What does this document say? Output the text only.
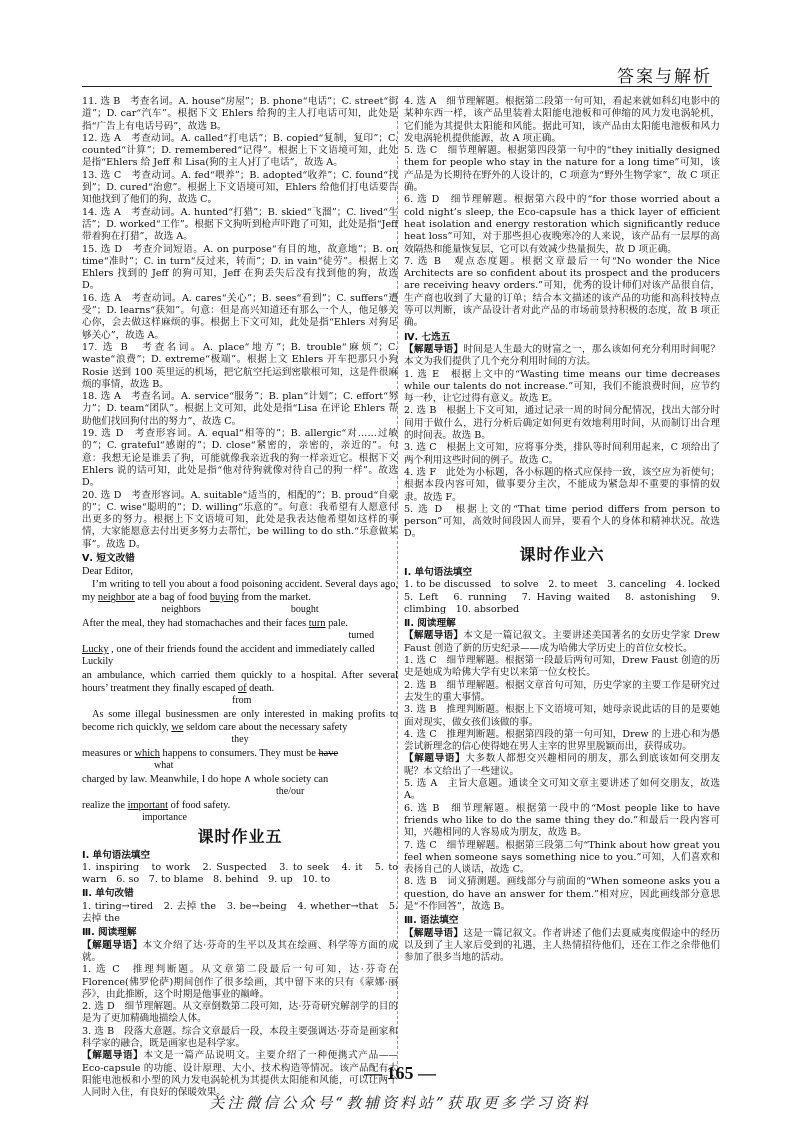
答案与解析

11. 选 B　考查名词。A. house“房屋”；B. phone“电话”；C. street“街道”；D. car“汽车”。根据下文 Ehlers 给狗的主人打电话可知，此处是指“广告上有电话号码”，故选 B。

12. 选 A　考查动词。A. called“打电话”；B. copied“复制，复印”；C. counted“计算”；D. remembered“记得”。根据上下文语境可知，此处是指“Ehlers 给 Jeff 和 Lisa(狗的主人)打了电话”，故选 A。

13. 选 C　考查动词。A. fed“喂养”；B. adopted“收养”；C. found“找到”；D. cured“治愈”。根据上下文语境可知，Ehlers 给他们打电话要告知他找到了他们的狗，故选 C。

14. 选 A　考查动词。A. hunted“打猎”；B. skied“飞溜”；C. lived“生活”；D. worked“工作”。根据下文狗听到枪声吓跑了可知，此处是指“Jeff 带着狗在打猎”，故选 A。

15. 选 D　考查介词短语。A. on purpose“有目的地，故意地”；B. on time“准时”；C. in turn“反过来，转而”；D. in vain“徒劳”。根据上文 Ehlers 找到的 Jeff 的狗可知，Jeff 在狗丢失后没有找到他的狗，故选 D。

16. 选 A　考查动词。A. cares“关心”；B. sees“看到”；C. suffers“遭受”；D. learns“获知”。句意：但是高兴知道还有那么一个人，他足够关心你，会去做这样麻烦的事。根据上下文可知，此处是指“Ehlers 对狗足够关心”，故选 A。

17. 选 B　考查名词。A. place“地方”；B. trouble“麻烦”；C. waste“浪费”；D. extreme“极端”。根据上文 Ehlers 开车把那只小狗 Rosie 送到 100 英里远的机场，把它航空托运到密歇根可知，这是件很麻烦的事情，故选 B。

18. 选 A　考查名词。A. service“服务”；B. plan“计划”；C. effort“努力”；D. team“团队”。根据上文可知，此处是指“Lisa 在评论 Ehlers 帮助他们找回狗付出的努力”，故选 C。

19. 选 D　考查形容词。A. equal“相等的”；B. allergic“对……过敏的”；C. grateful“感谢的”；D. close“紧密的，亲密的，亲近的”。句意：我想无论是谁丢了狗，可能就像我亲近我的狗一样亲近它。根据下文 Ehlers 说的话可知，此处是指“他对待狗就像对待自己的狗一样”。故选 D。

20. 选 D　考查形容词。A. suitable“适当的，相配的”；B. proud“自豪的”；C. wise“聪明的”；D. willing“乐意的”。句意：我希望有人愿意付出更多的努力。根据上下文语境可知，此处是我表达他希望如这样的事情，大家能愿意去付出更多努力去帮忙，be willing to do sth.“乐意做某事”。故选 D。

Ⅴ. 短文改错

Dear Editor,

I’m writing to tell you about a food poisoning accident. Several days ago, my neighbor ate a bag of food buying from the market.

neighbors	bought

After the meal, they had stomachaches and their faces turn pale.

turned

Lucky , one of their friends found the accident and immediately called

Luckily

an ambulance, which carried them quickly to a hospital. After several hours’ treatment they finally escaped of death.

from

As some illegal businessmen are only interested in making profits to become rich quickly, we seldom care about the necessary safety

they

measures or which happens to consumers. They must be have

what

charged by law. Meanwhile, I do hope ∧ whole society can

the/our

realize the important of food safety.

importance
课时作业五

Ⅰ. 单句语法填空

1. inspiring　to work　2. Suspected　3. to seek　4. it　5. to warn　6. so　7. to blame　8. behind　9. up　10. to

Ⅱ. 单句改错

1. tiring→tired　2. 去掉 the　3. be→being　4. whether→that　5. 去掉 the

Ⅲ. 阅读理解

【解题导语】本文介绍了达·芬奇的生平以及其在绘画、科学等方面的成就。

1. 选 C　推理判断题。从文章第二段最后一句可知，达·芬奇在 Florence(佛罗伦萨)期间创作了很多绘画，其中留下来的只有《蒙娜·丽莎》，由此推断，这个时期是他事业的巅峰。

2. 选 D　细节理解题。从文章倒数第二段可知，达·芬奇研究解剖学的目的是为了更加精确地描绘人体。

3. 选 B　段落大意题。综合文章最后一段，本段主要强调达·芬奇是画家和科学家的融合，既是画家也是科学家。

【解题导语】本文是一篇产品说明文。主要介绍了一种便携式产品——Eco-capsule 的功能、设计原理、大小、技术构造等情况。该产品配有太阳能电池板和小型的风力发电涡轮机为其提供太阳能和风能，可以让两个人同时入住，有良好的保暖效果。

4. 选 A　细节理解题。根据第二段第一句可知，看起来就如科幻电影中的某种东西一样，该产品里装着太阳能电池板和可伸缩的风力发电涡轮机，它们能为其提供太阳能和风能。据此可知，该产品由太阳能电池板和风力发电涡轮机提供能源，故 A 项正确。

5. 选 C　细节理解题。根据第四段第一句中的“they initially designed them for people who stay in the nature for a long time”可知，该产品是为长期待在野外的人设计的，C 项意为“野外生物学家”，故 C 项正确。

6. 选 D　细节理解题。根据第六段中的“for those worried about a cold night’s sleep, the Eco-capsule has a thick layer of efficient heat isolation and energy restoration which significantly reduce heat loss”可知，对于那些担心夜晚寒冷的人来说，该产品有一层厚的高效隔热和能量恢复层，它可以有效减少热量损失，故 D 项正确。

7. 选 B　观点态度题。根据文章最后一句“No wonder the Nice Architects are so confident about its prospect and the producers are receiving heavy orders.”可知，优秀的设计师们对该产品很自信，生产商也收到了大量的订单；结合本文描述的该产品的功能和高科技特点等可以判断，该产品设计者对此产品的市场前景持积极的态度，故 B 项正确。

Ⅳ. 七选五

【解题导语】时间是人生最大的财富之一，那么该如何充分利用时间呢？本文为我们提供了几个充分利用时间的方法。

1. 选 E　根据上文中的“Wasting time means our time decreases while our talents do not increase.”可知，我们不能浪费时间，应节约每一秒，让它过得有意义。故选 E。

2. 选 B　根据上下文可知，通过记录一周的时间分配情况，找出大部分时间用于做什么，进行分析后确定如何更有效地利用时间，从而制订出合理的时间表。故选 B。

3. 选 C　根据上文可知，应将事分类，排队等时间利用起来，C 项给出了两个利用这些时间的例子。故选 C。

4. 选 F　此处为小标题，各小标题的格式应保持一致，该空应为祈使句；根据本段内容可知，做事要分主次，不能成为紧急却不重要的事情的奴隶。故选 F。

5. 选 D　根据上文的“That time period differs from person to person”可知，高效时间段因人而异，要看个人的身体和精神状况。故选 D。

课时作业六

Ⅰ. 单句语法填空

1. to be discussed　to solve　2. to meet　3. canceling　4. locked　5. Left　6. running　7. Having waited　8. astonishing　9. climbing　10. absorbed

Ⅱ. 阅读理解

【解题导语】本文是一篇记叙文。主要讲述美国著名的女历史学家 Drew Faust 创造了新的历史纪录——成为哈佛大学历史上的首位女校长。

1. 选 C　细节理解题。根据第一段最后两句可知，Drew Faust 创造的历史是她成为哈佛大学有史以来第一位女校长。

2. 选 B　细节理解题。根据文章首句可知，历史学家的主要工作是研究过去发生的重大事情。

3. 选 B　推理判断题。根据上下文语境可知，她母亲说此话的目的是要她面对现实，做女孩们该做的事。

4. 选 C　推理判断题。根据第四段的第一句可知，Drew 的上进心和为愚尝试新理念的信心使得她在男人主宰的世界里脱颖而出，获得成功。

【解题导语】大多数人都想交兴趣相同的朋友，那么到底该如何交朋友呢？本文给出了一些建议。

5. 选 A　主旨大意题。通读全文可知文章主要讲述了如何交朋友，故选 A。

6. 选 B　细节理解题。根据第一段中的“Most people like to have friends who like to do the same thing they do.”和最后一段内容可知，兴趣相同的人容易成为朋友，故选 B。

7. 选 C　细节理解题。根据第三段第二句“Think about how great you feel when someone says something nice to you.”可知，人们喜欢和表扬自己的人谈话，故选 C。

8. 选 B　词义猜测题。画线部分与前面的“When someone asks you a question, do have an answer for them.”相对应，因此画线部分意思是“不作回答”，故选 B。

Ⅲ. 语法填空

【解题导语】这是一篇记叙文。作者讲述了他们去夏威夷度假途中的经历以及到了主人家后受到的礼遇，主人热情招待他们，还在工作之余带他们参加了很多当地的活动。

— 165 —
关注微信公众号“教辅资料站”获取更多学习资料
